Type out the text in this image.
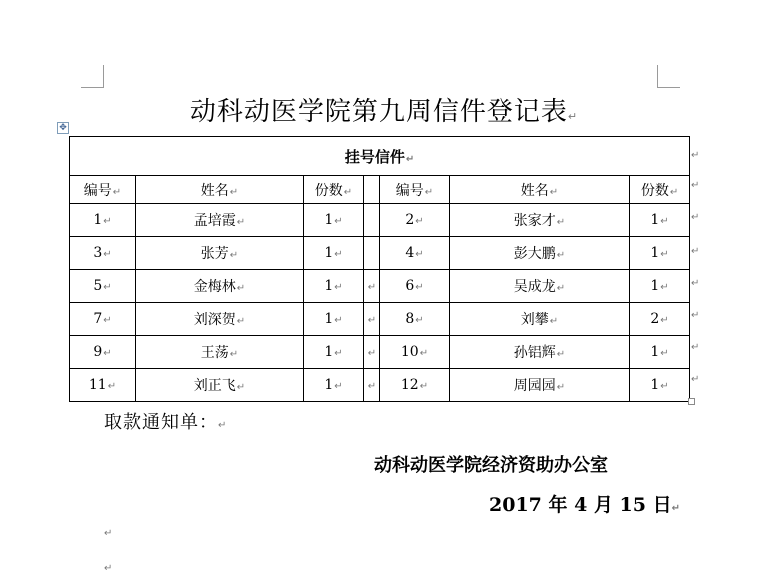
动科动医学院第九周信件登记表↵
✥
挂号信件↵						
编号↵	姓名↵	份数↵		编号↵	姓名↵	份数↵
1↵	孟培霞↵	1↵		2↵	张家才↵	1↵
3↵	张芳↵	1↵		4↵	彭大鹏↵	1↵
5↵	金梅林↵	1↵	↵	6↵	吴成龙↵	1↵
7↵	刘深贺↵	1↵	↵	8↵	刘攀↵	2↵
9↵	王荡↵	1↵	↵	10↵	孙铝辉↵	1↵
11↵	刘正飞↵	1↵	↵	12↵	周园园↵	1↵
取款通知单：↵
动科动医学院经济资助办公室
2017 年 4 月 15 日↵
↵
↵
↵
↵
↵
↵
↵
↵
↵
↵
